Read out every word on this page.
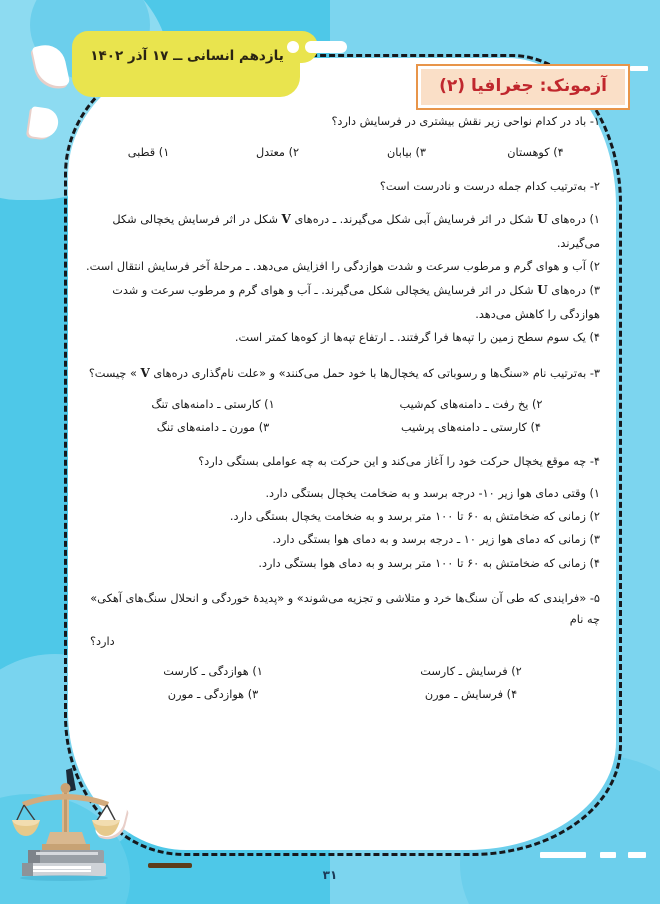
یازدهم انسانی ــ ۱۷ آذر ۱۴۰۲
آزمونک: جغرافیا (۲)
۱- باد در کدام نواحی زیر نقش بیشتری در فرسایش دارد؟
۴) کوهستان
۳) بیابان
۲) معتدل
۱) قطبی
۲- به‌ترتیب کدام جمله درست و نادرست است؟
۱) دره‌های U شکل در اثر فرسایش آبی شکل می‌گیرند. ـ دره‌های V شکل در اثر فرسایش یخچالی شکل می‌گیرند.
۲) آب و هوای گرم و مرطوب سرعت و شدت هوازدگی را افزایش می‌دهد. ـ مرحلهٔ آخر فرسایش انتقال است.
۳) دره‌های U شکل در اثر فرسایش یخچالی شکل می‌گیرند. ـ آب و هوای گرم و مرطوب سرعت و شدت هوازدگی را کاهش می‌دهد.
۴) یک سوم سطح زمین را تپه‌ها فرا گرفتند. ـ ارتفاع تپه‌ها از کوه‌ها کمتر است.
۳- به‌ترتیب نام «سنگ‌ها و رسوباتی که یخچال‌ها با خود حمل می‌کنند» و «علت نام‌گذاری دره‌های V » چیست؟
۲) یخ رفت ـ دامنه‌های کم‌شیب
۱) کارستی ـ دامنه‌های تنگ
۴) کارستی ـ دامنه‌های پرشیب
۳) مورن ـ دامنه‌های تنگ
۴- چه موقع یخچال حرکت خود را آغاز می‌کند و این حرکت به چه عواملی بستگی دارد؟
۱) وقتی دمای هوا زیر ۱۰- درجه برسد و به ضخامت یخچال بستگی دارد.
۲) زمانی که ضخامتش به ۶۰ تا ۱۰۰ متر برسد و به ضخامت یخچال بستگی دارد.
۳) زمانی که دمای هوا زیر ۱۰ ـ درجه برسد و به دمای هوا بستگی دارد.
۴) زمانی که ضخامتش به ۶۰ تا ۱۰۰ متر برسد و به دمای هوا بستگی دارد.
۵- «فرایندی که طی آن سنگ‌ها خرد و متلاشی و تجزیه می‌شوند» و «پدیدهٔ خوردگی و انحلال سنگ‌های آهکی» چه نام
دارد؟
۲) فرسایش ـ کارست
۱) هوازدگی ـ کارست
۴) فرسایش ـ مورن
۳) هوازدگی ـ مورن
۳۱
